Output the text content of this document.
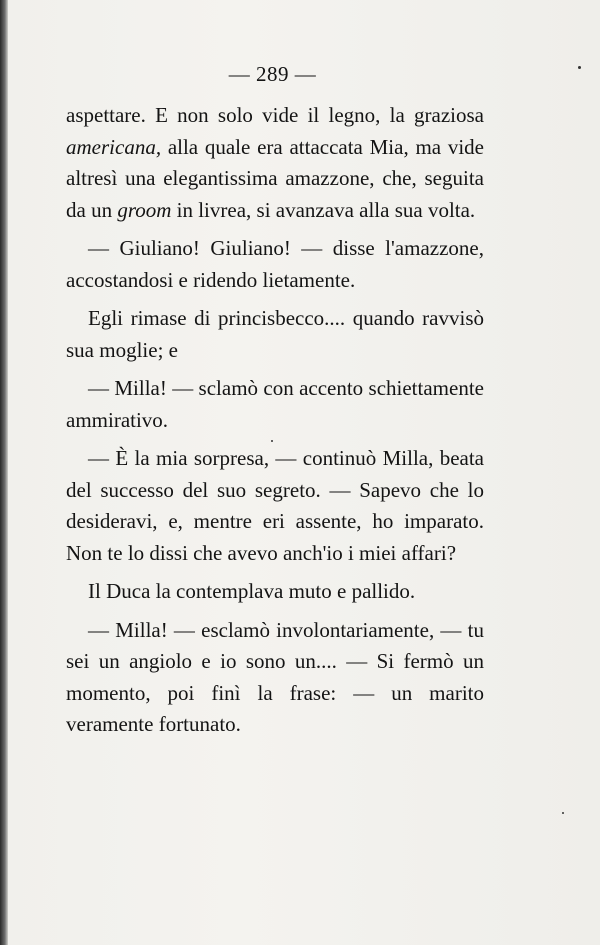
— 289 —

aspettare. E non solo vide il legno, la graziosa americana, alla quale era attaccata Mia, ma vide altresì una elegantissima amazzone, che, seguita da un groom in livrea, si avanzava alla sua volta.

— Giuliano! Giuliano! — disse l'amazzone, accostandosi e ridendo lietamente.

Egli rimase di princisbecco.... quando ravvisò sua moglie; e

— Milla! — sclamò con accento schiettamente ammirativo.

— È la mia sorpresa, — continuò Milla, beata del successo del suo segreto. — Sapevo che lo desideravi, e, mentre eri assente, ho imparato. Non te lo dissi che avevo anch'io i miei affari?

Il Duca la contemplava muto e pallido.

— Milla! — esclamò involontariamente, — tu sei un angiolo e io sono un.... — Si fermò un momento, poi finì la frase: — un marito veramente fortunato.
